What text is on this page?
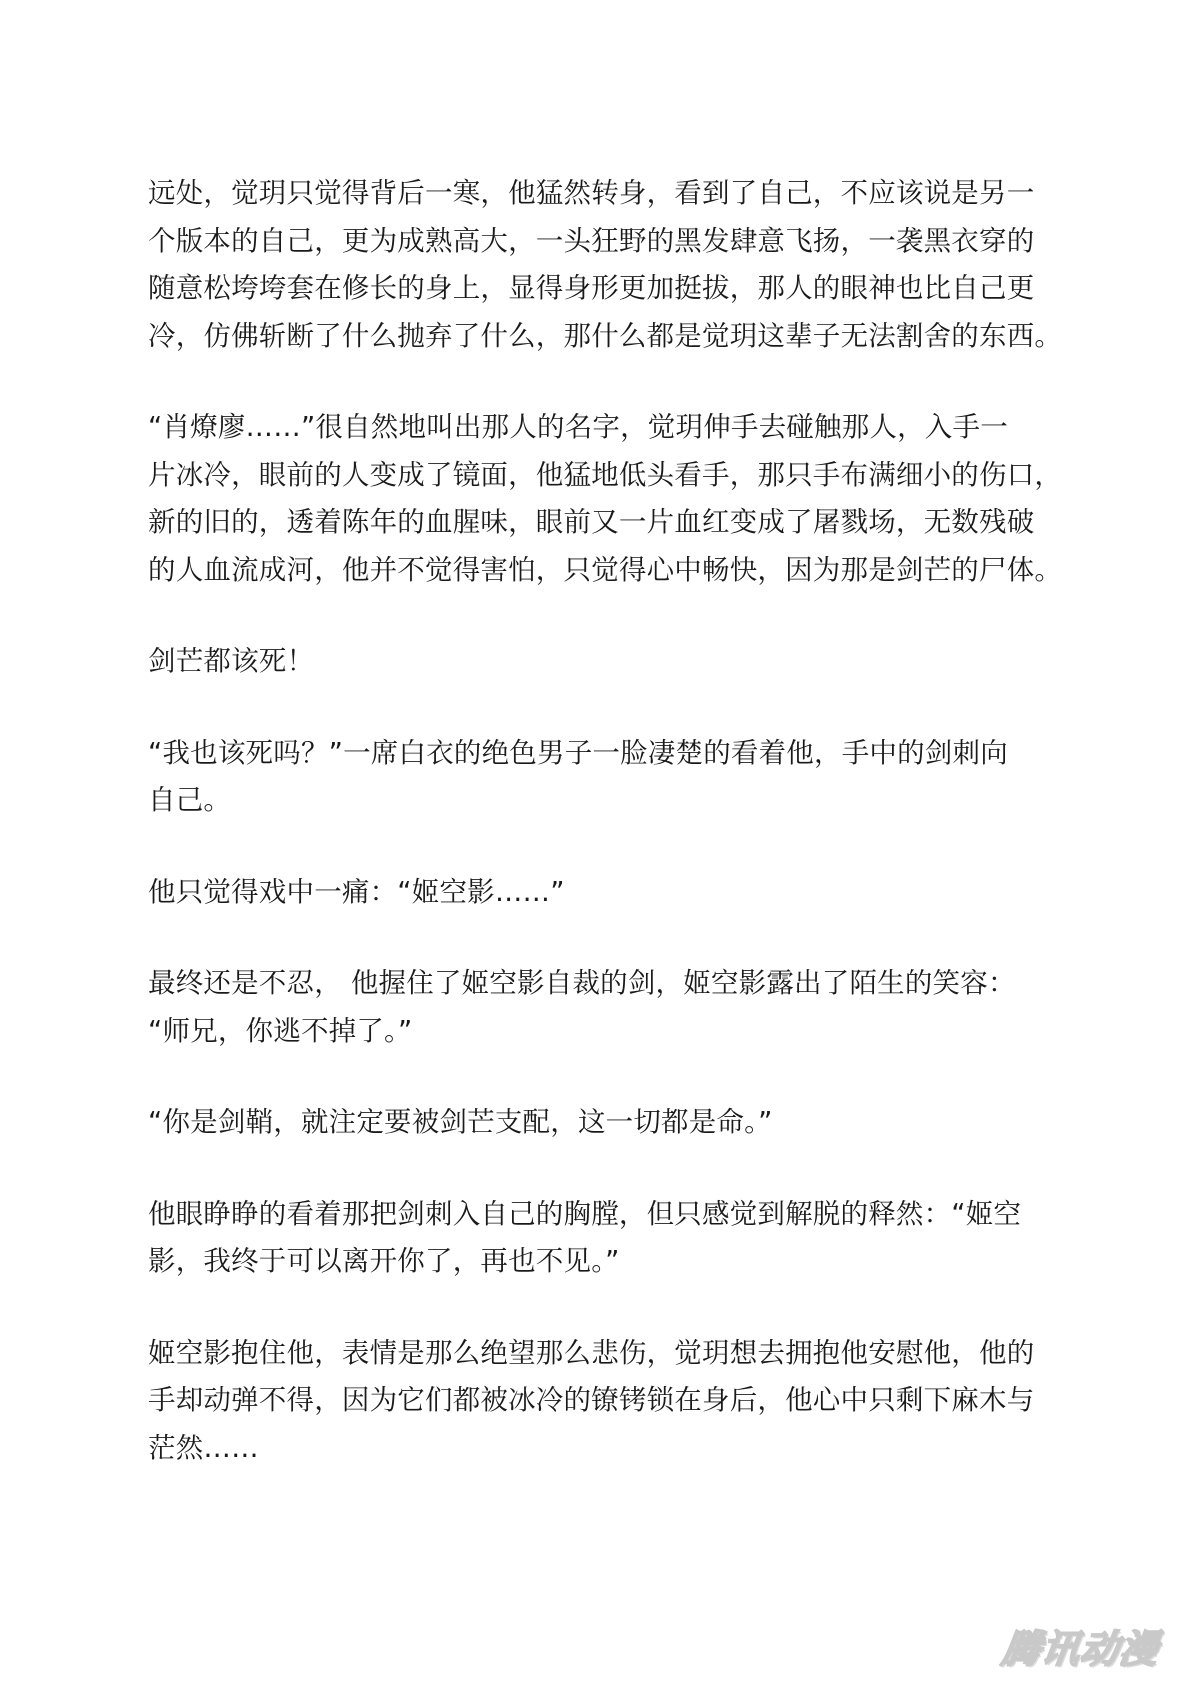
远处，觉玥只觉得背后一寒，他猛然转身，看到了自己，不应该说是另一
个版本的自己，更为成熟高大，一头狂野的黑发肆意飞扬，一袭黑衣穿的
随意松垮垮套在修长的身上，显得身形更加挺拔，那人的眼神也比自己更
冷，仿佛斩断了什么抛弃了什么，那什么都是觉玥这辈子无法割舍的东西。

“肖燎廖……”很自然地叫出那人的名字，觉玥伸手去碰触那人，入手一
片冰冷，眼前的人变成了镜面，他猛地低头看手，那只手布满细小的伤口，
新的旧的，透着陈年的血腥味，眼前又一片血红变成了屠戮场，无数残破
的人血流成河，他并不觉得害怕，只觉得心中畅快，因为那是剑芒的尸体。

剑芒都该死！

“我也该死吗？”一席白衣的绝色男子一脸凄楚的看着他，手中的剑刺向
自己。

他只觉得戏中一痛：“姬空影……”

最终还是不忍， 他握住了姬空影自裁的剑，姬空影露出了陌生的笑容：
“师兄，你逃不掉了。”

“你是剑鞘，就注定要被剑芒支配，这一切都是命。”

他眼睁睁的看着那把剑刺入自己的胸膛，但只感觉到解脱的释然：“姬空
影，我终于可以离开你了，再也不见。”

姬空影抱住他，表情是那么绝望那么悲伤，觉玥想去拥抱他安慰他，他的
手却动弹不得，因为它们都被冰冷的镣铐锁在身后，他心中只剩下麻木与
茫然……

腾讯动漫
